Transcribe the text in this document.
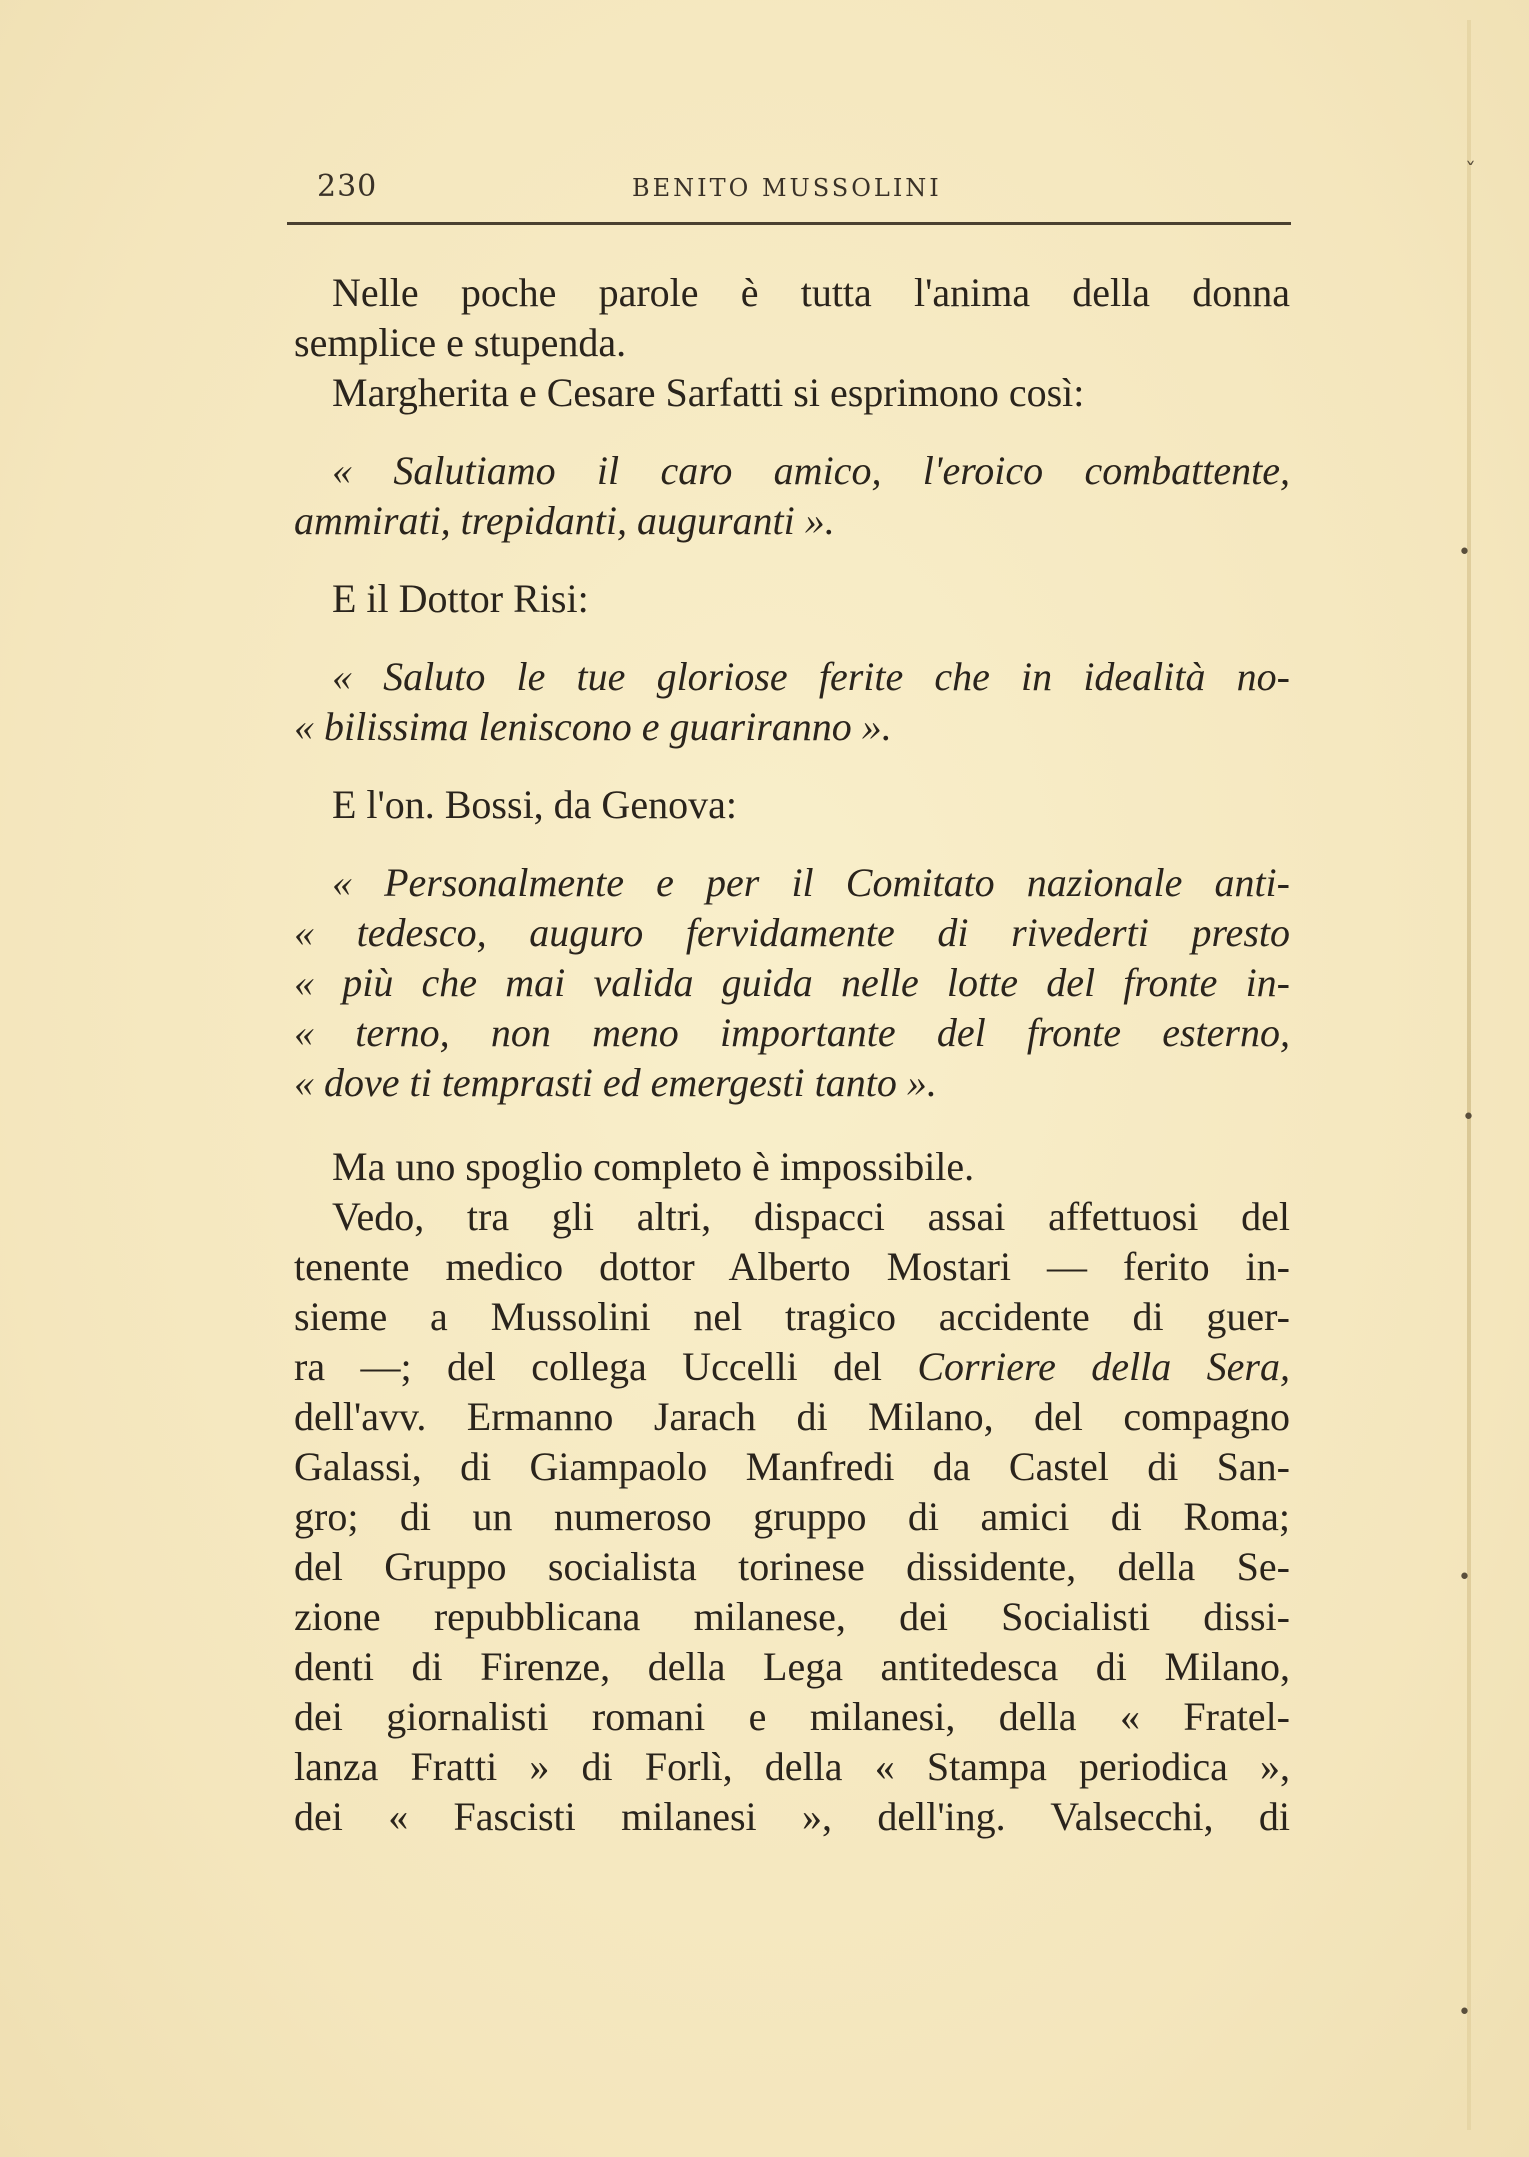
230	BENITO MUSSOLINI
Nelle poche parole è tutta l'anima della donna
semplice e stupenda.
Margherita e Cesare Sarfatti si esprimono così:
« Salutiamo il caro amico, l'eroico combattente,
ammirati, trepidanti, auguranti ».
E il Dottor Risi:
« Saluto le tue gloriose ferite che in idealità no-
« bilissima leniscono e guariranno ».
E l'on. Bossi, da Genova:
« Personalmente e per il Comitato nazionale anti-
« tedesco, auguro fervidamente di rivederti presto
« più che mai valida guida nelle lotte del fronte in-
« terno, non meno importante del fronte esterno,
« dove ti temprasti ed emergesti tanto ».
Ma uno spoglio completo è impossibile.
Vedo, tra gli altri, dispacci assai affettuosi del
tenente medico dottor Alberto Mostari — ferito in-
sieme a Mussolini nel tragico accidente di guer-
ra —; del collega Uccelli del Corriere della Sera,
dell'avv. Ermanno Jarach di Milano, del compagno
Galassi, di Giampaolo Manfredi da Castel di San-
gro; di un numeroso gruppo di amici di Roma;
del Gruppo socialista torinese dissidente, della Se-
zione repubblicana milanese, dei Socialisti dissi-
denti di Firenze, della Lega antitedesca di Milano,
dei giornalisti romani e milanesi, della « Fratel-
lanza Fratti » di Forlì, della « Stampa periodica »,
dei « Fascisti milanesi », dell'ing. Valsecchi, di
ˇ
•
•
•
•
